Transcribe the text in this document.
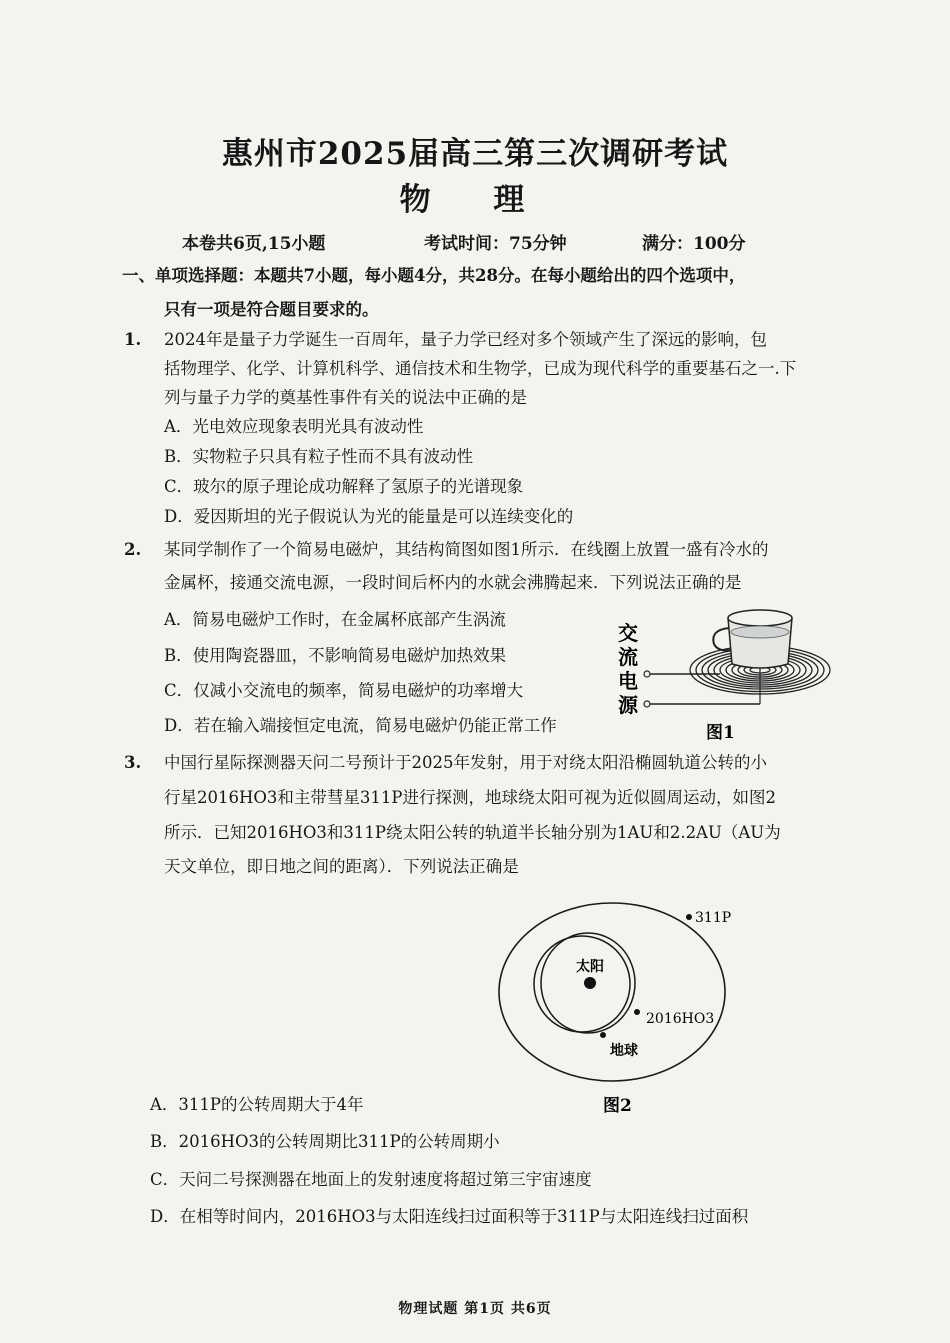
惠州市2025届高三第三次调研考试
物 理
本卷共6页,15小题	考试时间：75分钟	满分：100分
一、单项选择题：本题共7小题，每小题4分，共28分。在每小题给出的四个选项中，
只有一项是符合题目要求的。
1. 2024年是量子力学诞生一百周年，量子力学已经对多个领域产生了深远的影响，包
括物理学、化学、计算机科学、通信技术和生物学，已成为现代科学的重要基石之一.下
列与量子力学的奠基性事件有关的说法中正确的是
A．光电效应现象表明光具有波动性
B．实物粒子只具有粒子性而不具有波动性
C．玻尔的原子理论成功解释了氢原子的光谱现象
D．爱因斯坦的光子假说认为光的能量是可以连续变化的
2. 某同学制作了一个简易电磁炉，其结构简图如图1所示．在线圈上放置一盛有冷水的
金属杯，接通交流电源，一段时间后杯内的水就会沸腾起来．下列说法正确的是
A．简易电磁炉工作时，在金属杯底部产生涡流
B．使用陶瓷器皿，不影响简易电磁炉加热效果
C．仅减小交流电的频率，简易电磁炉的功率增大
D．若在输入端接恒定电流，简易电磁炉仍能正常工作
交
流
电
源
图1
3. 中国行星际探测器天问二号预计于2025年发射，用于对绕太阳沿椭圆轨道公转的小
行星2016HO3和主带彗星311P进行探测，地球绕太阳可视为近似圆周运动，如图2
所示．已知2016HO3和311P绕太阳公转的轨道半长轴分别为1AU和2.2AU（AU为
天文单位，即日地之间的距离）．下列说法正确是
太阳
311P
2016HO3
地球
图2
A．311P的公转周期大于4年
B．2016HO3的公转周期比311P的公转周期小
C．天问二号探测器在地面上的发射速度将超过第三宇宙速度
D．在相等时间内，2016HO3与太阳连线扫过面积等于311P与太阳连线扫过面积
物理试题 第1页 共6页
